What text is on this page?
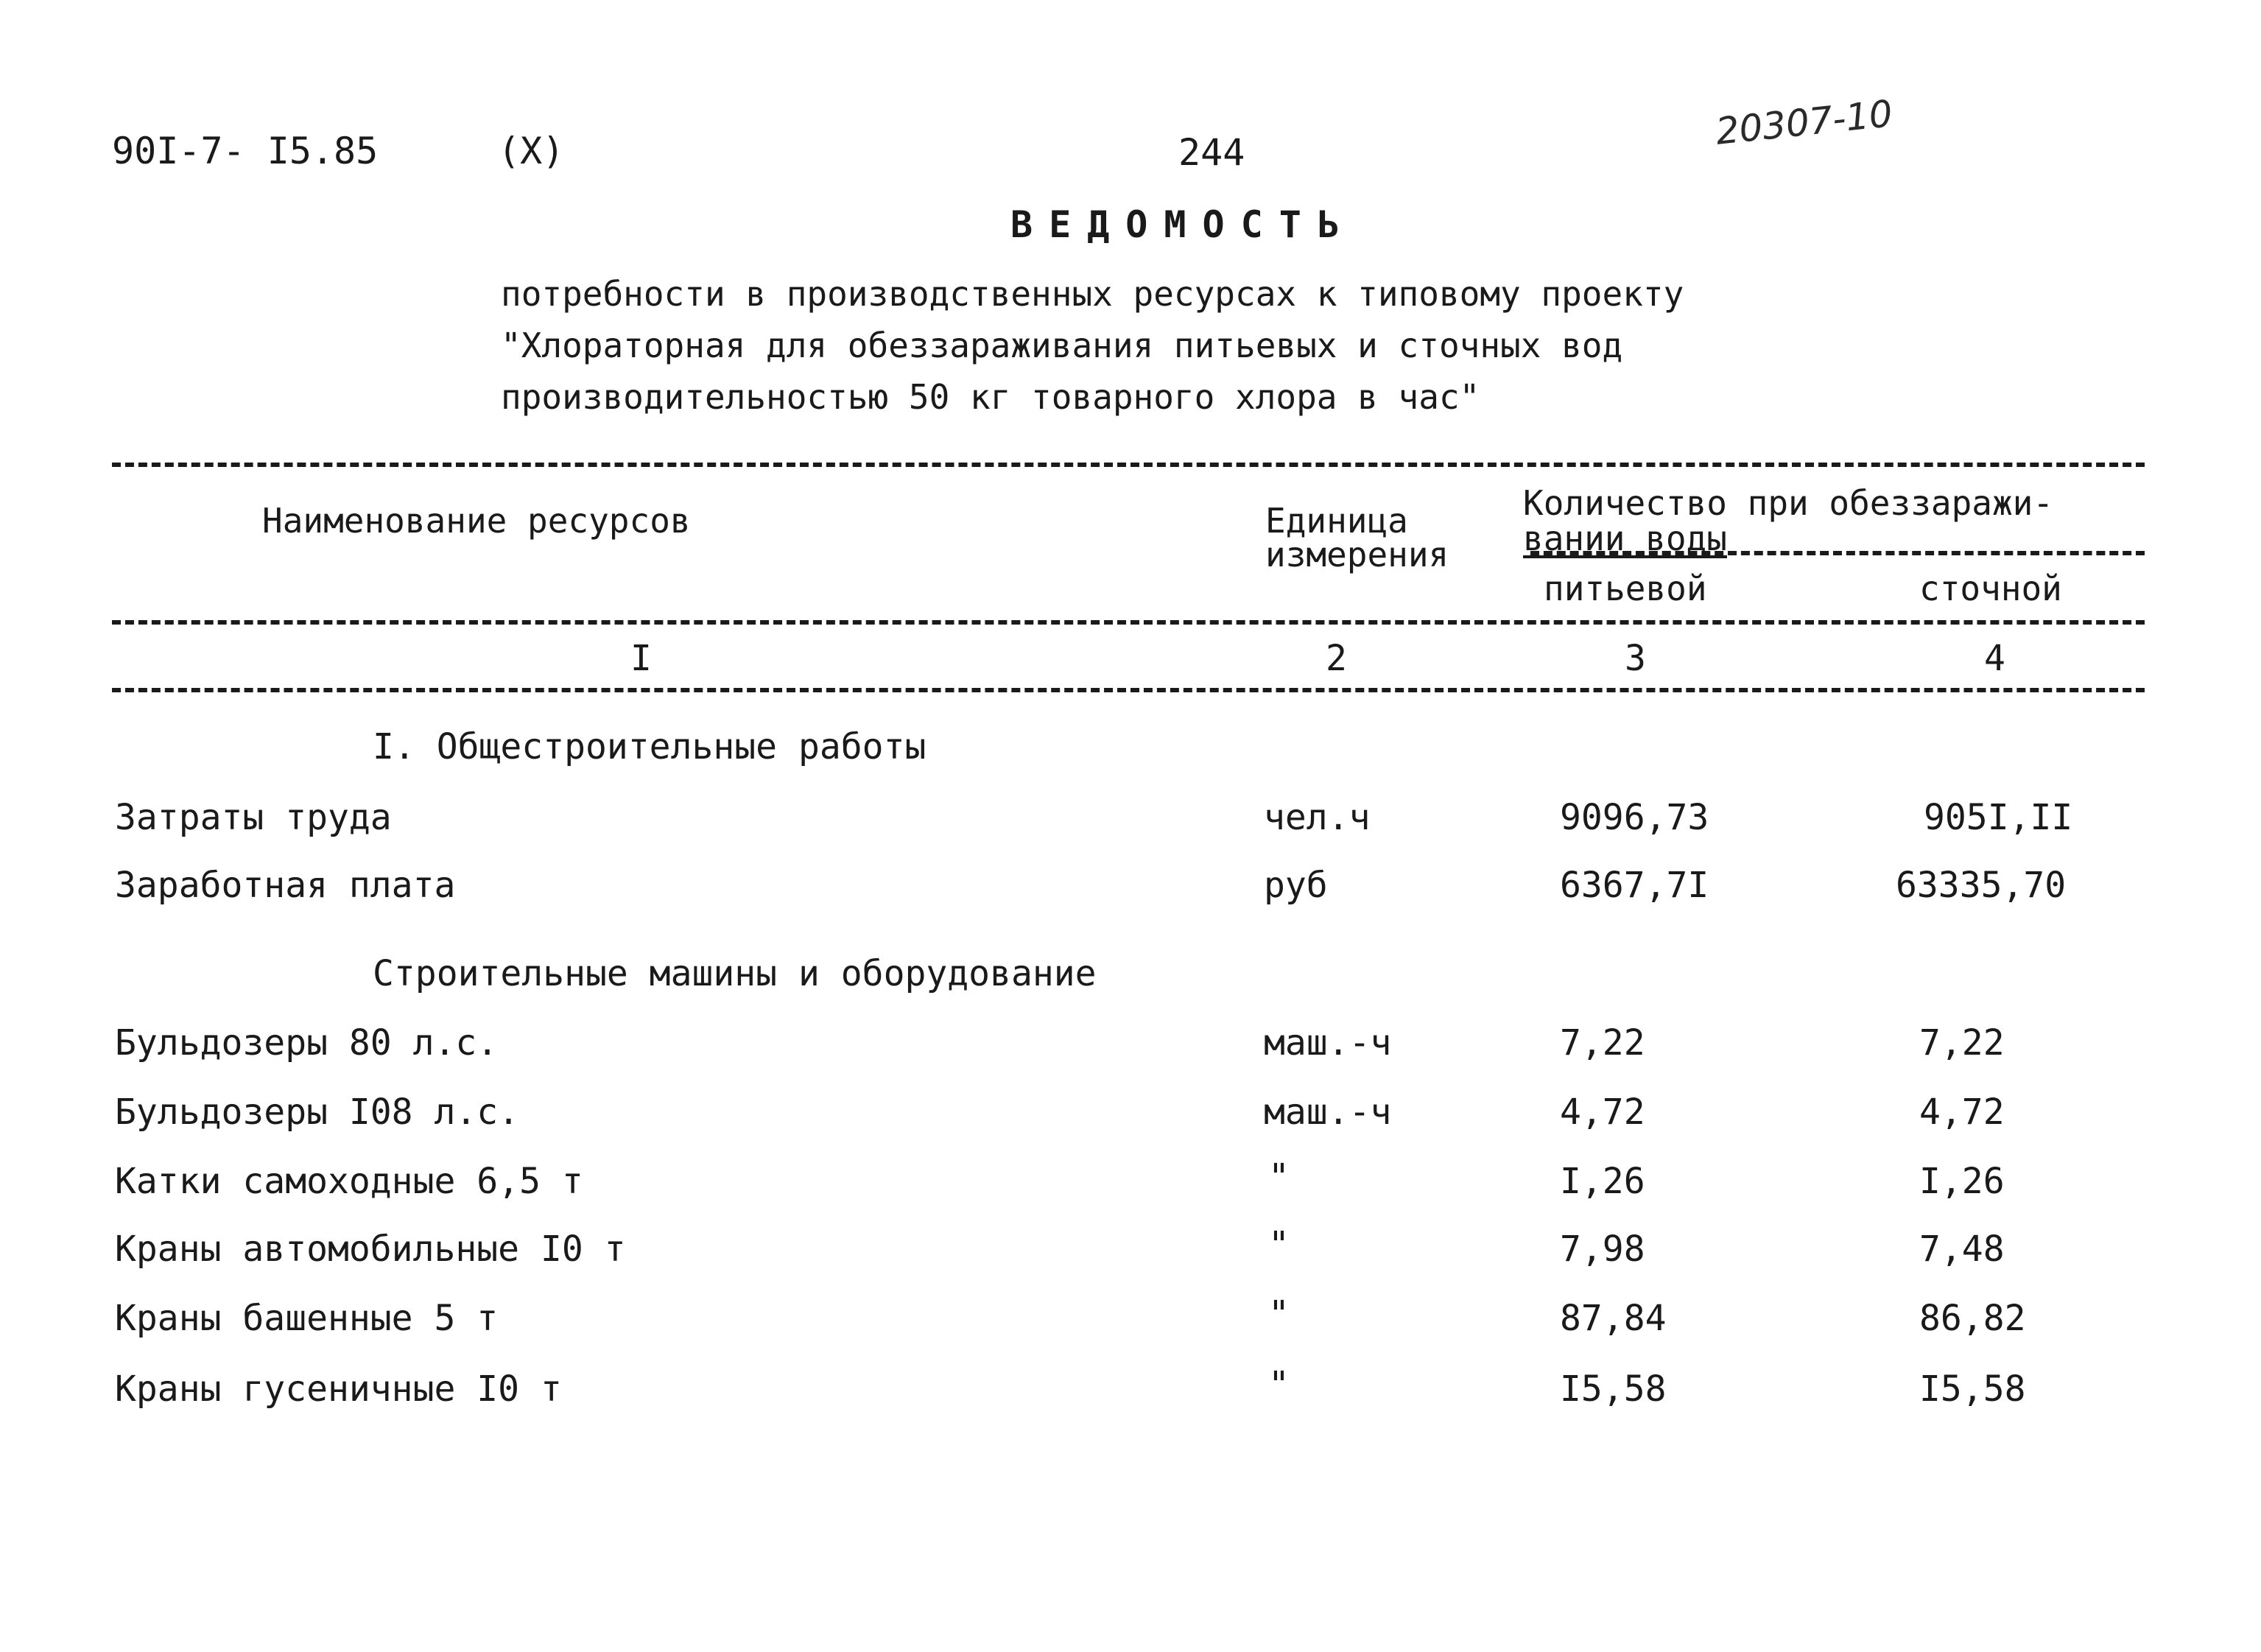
90I-7- I5.85	(X)	244	20307-10
ВЕДОМОСТЬ
потребности в производственных ресурсах к типовому проекту
"Хлораторная для обеззараживания питьевых и сточных вод
производительностью 50 кг товарного хлора в час"
Наименование ресурсов	Единица
измерения
Количество при обеззарaжи-
вании воды
питьевой	сточной
I	2	3	4
I. Общестроительные работы
Затраты труда	чел.ч	9096,73	905I,II
Заработная плата	руб	6367,7I	63335,70
Строительные машины и оборудование
Бульдозеры 80 л.с.	маш.-ч	7,22	7,22
Бульдозеры I08 л.с.	маш.-ч	4,72	4,72
Катки самоходные 6,5 т	"	I,26	I,26
Краны автомобильные I0 т	"	7,98	7,48
Краны башенные 5 т	"	87,84	86,82
Краны гусеничные I0 т	"	I5,58	I5,58
